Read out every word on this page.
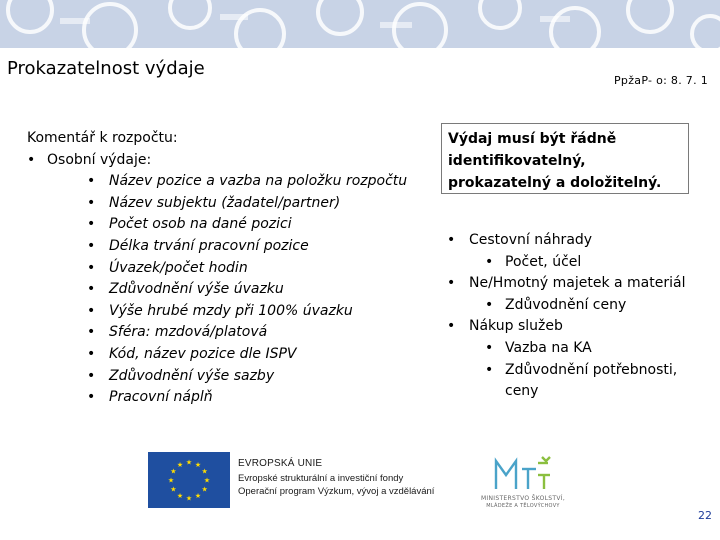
Prokazatelnost výdaje
PpžaP- o: 8. 7. 1
Komentář k rozpočtu:
• Osobní výdaje:
• Název pozice a vazba na položku rozpočtu
• Název subjektu (žadatel/partner)
• Počet osob na dané pozici
• Délka trvání pracovní pozice
• Úvazek/počet hodin
• Zdůvodnění výše úvazku
• Výše hrubé mzdy při 100% úvazku
• Sféra: mzdová/platová
• Kód, název pozice dle ISPV
• Zdůvodnění výše sazby
• Pracovní náplň
Výdaj musí být řádně identifikovatelný, prokazatelný a doložitelný.
• Cestovní náhrady
• Počet, účel
• Ne/Hmotný majetek a materiál
• Zdůvodnění ceny
• Nákup služeb
• Vazba na KA
• Zdůvodnění potřebnosti, ceny
★ ★
★
★
★
★
★
★
★
★
★
★	EVROPSKÁ UNIE
Evropské strukturální a investiční fondy
Operační program Výzkum, vývoj a vzdělávání
MINISTERSTVO ŠKOLSTVÍ,
MLÁDEŽE A TĚLOVÝCHOVY
22
